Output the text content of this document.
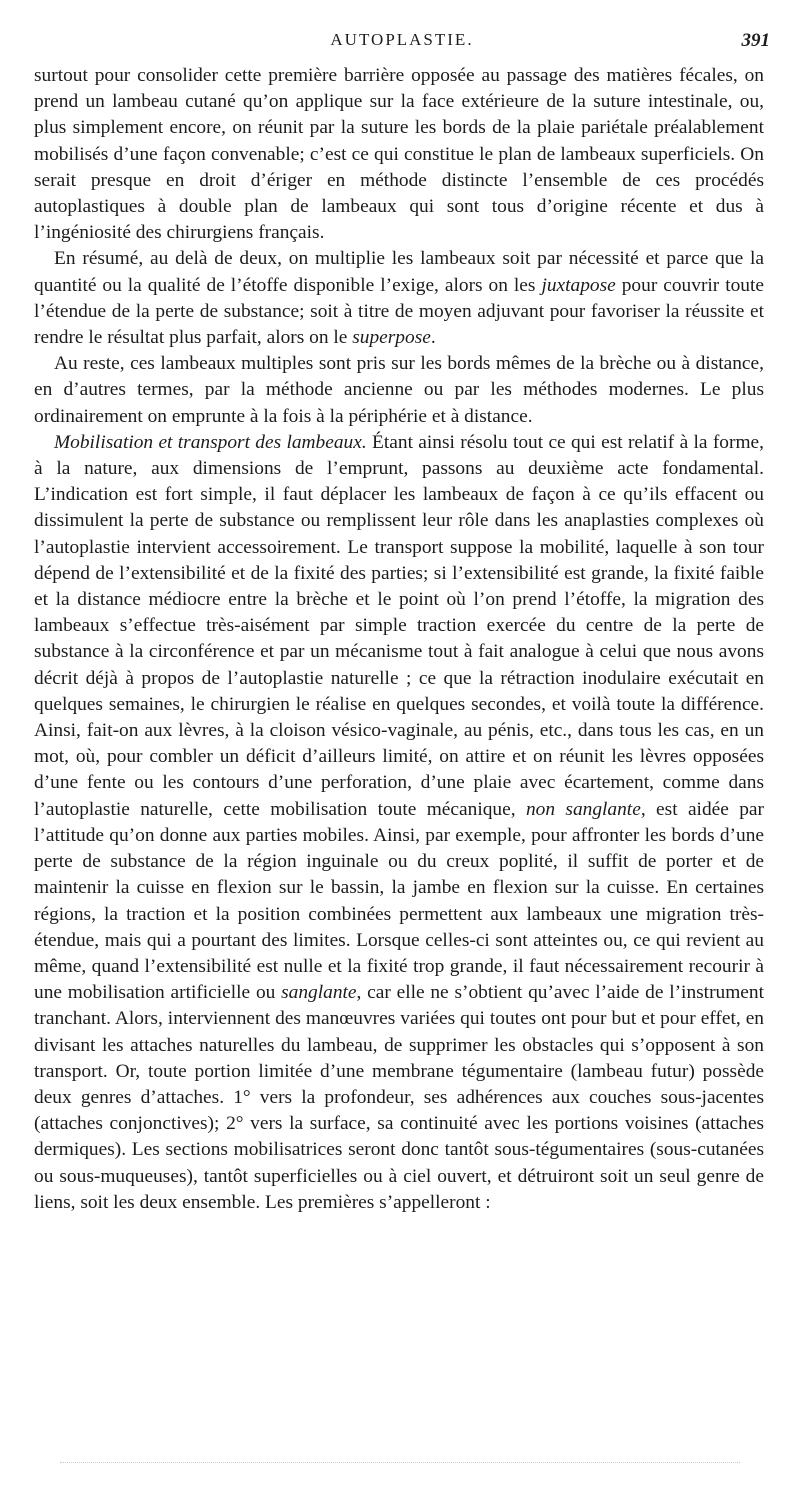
AUTOPLASTIE.	391

surtout pour consolider cette première barrière opposée au passage des matières fécales, on prend un lambeau cutané qu’on applique sur la face extérieure de la suture intestinale, ou, plus simplement encore, on réunit par la suture les bords de la plaie pariétale préalablement mobilisés d’une façon convenable; c’est ce qui constitue le plan de lambeaux superficiels. On serait presque en droit d’ériger en méthode distincte l’ensemble de ces procédés autoplastiques à double plan de lambeaux qui sont tous d’origine récente et dus à l’ingéniosité des chirurgiens français.

En résumé, au delà de deux, on multiplie les lambeaux soit par nécessité et parce que la quantité ou la qualité de l’étoffe disponible l’exige, alors on les juxtapose pour couvrir toute l’étendue de la perte de substance; soit à titre de moyen adjuvant pour favoriser la réussite et rendre le résultat plus parfait, alors on le superpose.

Au reste, ces lambeaux multiples sont pris sur les bords mêmes de la brèche ou à distance, en d’autres termes, par la méthode ancienne ou par les méthodes modernes. Le plus ordinairement on emprunte à la fois à la périphérie et à distance.

Mobilisation et transport des lambeaux. Étant ainsi résolu tout ce qui est relatif à la forme, à la nature, aux dimensions de l’emprunt, passons au deuxième acte fondamental. L’indication est fort simple, il faut déplacer les lambeaux de façon à ce qu’ils effacent ou dissimulent la perte de substance ou remplissent leur rôle dans les anaplasties complexes où l’autoplastie intervient accessoirement. Le transport suppose la mobilité, laquelle à son tour dépend de l’extensibilité et de la fixité des parties; si l’extensibilité est grande, la fixité faible et la distance médiocre entre la brèche et le point où l’on prend l’étoffe, la migration des lambeaux s’effectue très-aisément par simple traction exercée du centre de la perte de substance à la circonférence et par un mécanisme tout à fait analogue à celui que nous avons décrit déjà à propos de l’autoplastie naturelle ; ce que la rétraction inodulaire exécutait en quelques semaines, le chirurgien le réalise en quelques secondes, et voilà toute la différence. Ainsi, fait-on aux lèvres, à la cloison vésico-vaginale, au pénis, etc., dans tous les cas, en un mot, où, pour combler un déficit d’ailleurs limité, on attire et on réunit les lèvres opposées d’une fente ou les contours d’une perforation, d’une plaie avec écartement, comme dans l’autoplastie naturelle, cette mobilisation toute mécanique, non sanglante, est aidée par l’attitude qu’on donne aux parties mobiles. Ainsi, par exemple, pour affronter les bords d’une perte de substance de la région inguinale ou du creux poplité, il suffit de porter et de maintenir la cuisse en flexion sur le bassin, la jambe en flexion sur la cuisse. En certaines régions, la traction et la position combinées permettent aux lambeaux une migration très-étendue, mais qui a pourtant des limites. Lorsque celles-ci sont atteintes ou, ce qui revient au même, quand l’extensibilité est nulle et la fixité trop grande, il faut nécessairement recourir à une mobilisation artificielle ou sanglante, car elle ne s’obtient qu’avec l’aide de l’instrument tranchant. Alors, interviennent des manœuvres variées qui toutes ont pour but et pour effet, en divisant les attaches naturelles du lambeau, de supprimer les obstacles qui s’opposent à son transport. Or, toute portion limitée d’une membrane tégumentaire (lambeau futur) possède deux genres d’attaches. 1° vers la profondeur, ses adhérences aux couches sous-jacentes (attaches conjonctives); 2° vers la surface, sa continuité avec les portions voisines (attaches dermiques). Les sections mobilisatrices seront donc tantôt sous-tégumentaires (sous-cutanées ou sous-muqueuses), tantôt superficielles ou à ciel ouvert, et détruiront soit un seul genre de liens, soit les deux ensemble. Les premières s’appelleront :
